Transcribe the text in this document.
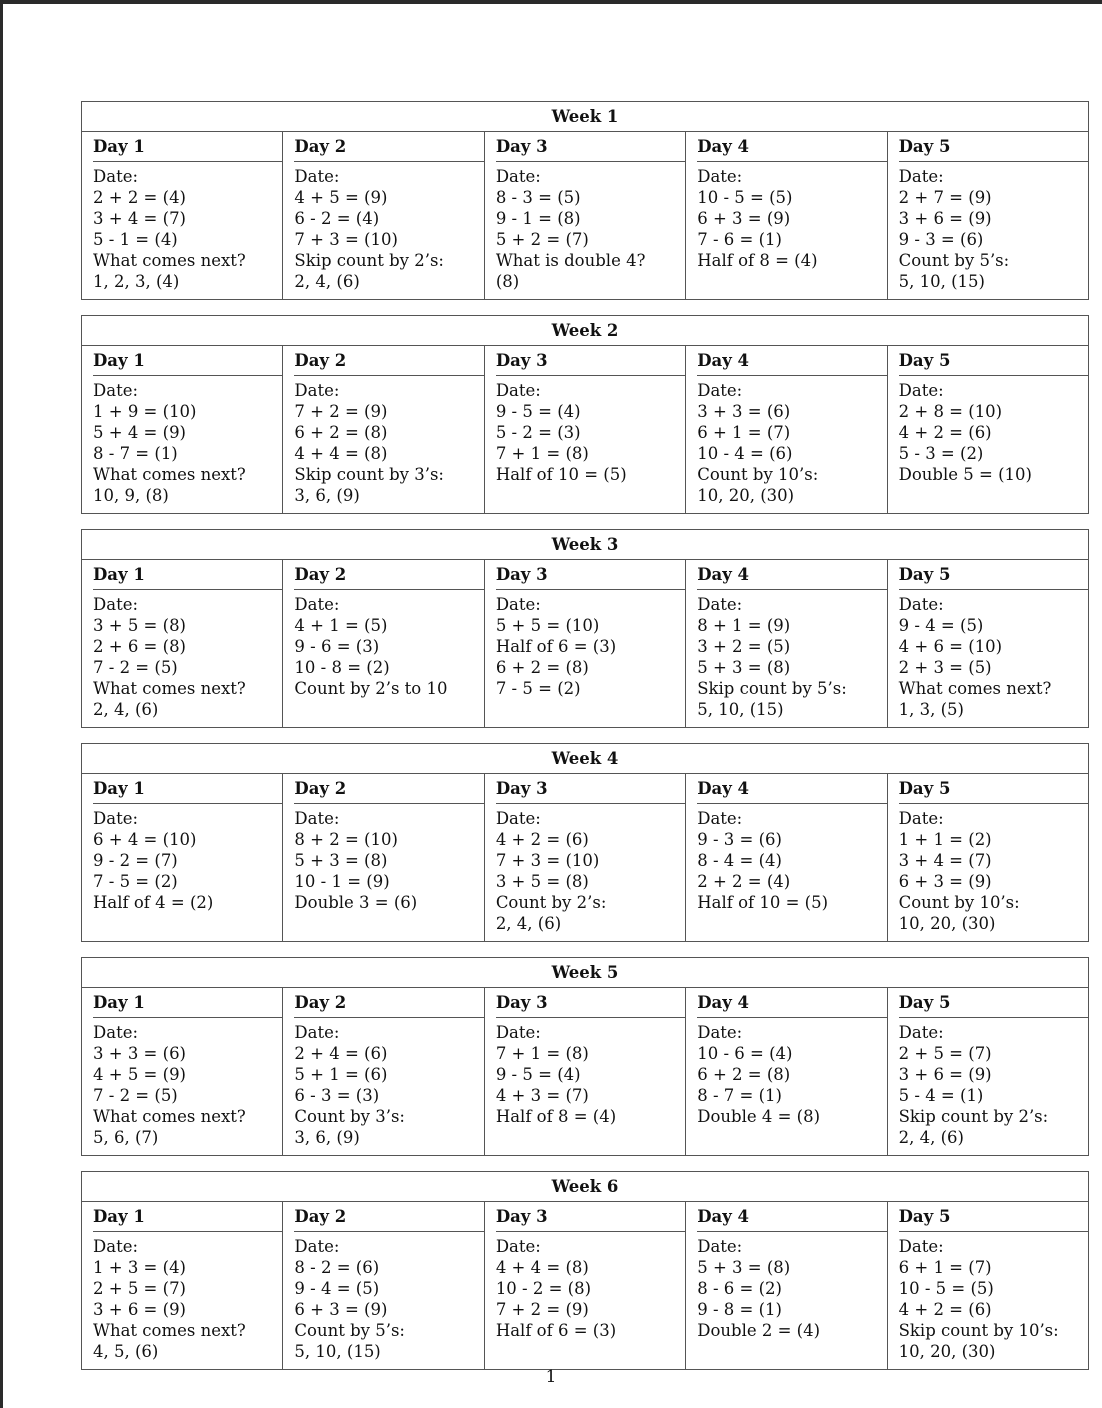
Week 1
Day 1
Date:
2 + 2 = (4)
3 + 4 = (7)
5 - 1 = (4)
What comes next?
1, 2, 3, (4)
Day 2
Date:
4 + 5 = (9)
6 - 2 = (4)
7 + 3 = (10)
Skip count by 2’s:
2, 4, (6)
Day 3
Date:
8 - 3 = (5)
9 - 1 = (8)
5 + 2 = (7)
What is double 4?
(8)
Day 4
Date:
10 - 5 = (5)
6 + 3 = (9)
7 - 6 = (1)
Half of 8 = (4)
Day 5
Date:
2 + 7 = (9)
3 + 6 = (9)
9 - 3 = (6)
Count by 5’s:
5, 10, (15)
Week 2
Day 1
Date:
1 + 9 = (10)
5 + 4 = (9)
8 - 7 = (1)
What comes next?
10, 9, (8)
Day 2
Date:
7 + 2 = (9)
6 + 2 = (8)
4 + 4 = (8)
Skip count by 3’s:
3, 6, (9)
Day 3
Date:
9 - 5 = (4)
5 - 2 = (3)
7 + 1 = (8)
Half of 10 = (5)
Day 4
Date:
3 + 3 = (6)
6 + 1 = (7)
10 - 4 = (6)
Count by 10’s:
10, 20, (30)
Day 5
Date:
2 + 8 = (10)
4 + 2 = (6)
5 - 3 = (2)
Double 5 = (10)
Week 3
Day 1
Date:
3 + 5 = (8)
2 + 6 = (8)
7 - 2 = (5)
What comes next?
2, 4, (6)
Day 2
Date:
4 + 1 = (5)
9 - 6 = (3)
10 - 8 = (2)
Count by 2’s to 10
Day 3
Date:
5 + 5 = (10)
Half of 6 = (3)
6 + 2 = (8)
7 - 5 = (2)
Day 4
Date:
8 + 1 = (9)
3 + 2 = (5)
5 + 3 = (8)
Skip count by 5’s:
5, 10, (15)
Day 5
Date:
9 - 4 = (5)
4 + 6 = (10)
2 + 3 = (5)
What comes next?
1, 3, (5)
Week 4
Day 1
Date:
6 + 4 = (10)
9 - 2 = (7)
7 - 5 = (2)
Half of 4 = (2)
Day 2
Date:
8 + 2 = (10)
5 + 3 = (8)
10 - 1 = (9)
Double 3 = (6)
Day 3
Date:
4 + 2 = (6)
7 + 3 = (10)
3 + 5 = (8)
Count by 2’s:
2, 4, (6)
Day 4
Date:
9 - 3 = (6)
8 - 4 = (4)
2 + 2 = (4)
Half of 10 = (5)
Day 5
Date:
1 + 1 = (2)
3 + 4 = (7)
6 + 3 = (9)
Count by 10’s:
10, 20, (30)
Week 5
Day 1
Date:
3 + 3 = (6)
4 + 5 = (9)
7 - 2 = (5)
What comes next?
5, 6, (7)
Day 2
Date:
2 + 4 = (6)
5 + 1 = (6)
6 - 3 = (3)
Count by 3’s:
3, 6, (9)
Day 3
Date:
7 + 1 = (8)
9 - 5 = (4)
4 + 3 = (7)
Half of 8 = (4)
Day 4
Date:
10 - 6 = (4)
6 + 2 = (8)
8 - 7 = (1)
Double 4 = (8)
Day 5
Date:
2 + 5 = (7)
3 + 6 = (9)
5 - 4 = (1)
Skip count by 2’s:
2, 4, (6)
Week 6
Day 1
Date:
1 + 3 = (4)
2 + 5 = (7)
3 + 6 = (9)
What comes next?
4, 5, (6)
Day 2
Date:
8 - 2 = (6)
9 - 4 = (5)
6 + 3 = (9)
Count by 5’s:
5, 10, (15)
Day 3
Date:
4 + 4 = (8)
10 - 2 = (8)
7 + 2 = (9)
Half of 6 = (3)
Day 4
Date:
5 + 3 = (8)
8 - 6 = (2)
9 - 8 = (1)
Double 2 = (4)
Day 5
Date:
6 + 1 = (7)
10 - 5 = (5)
4 + 2 = (6)
Skip count by 10’s:
10, 20, (30)
1
